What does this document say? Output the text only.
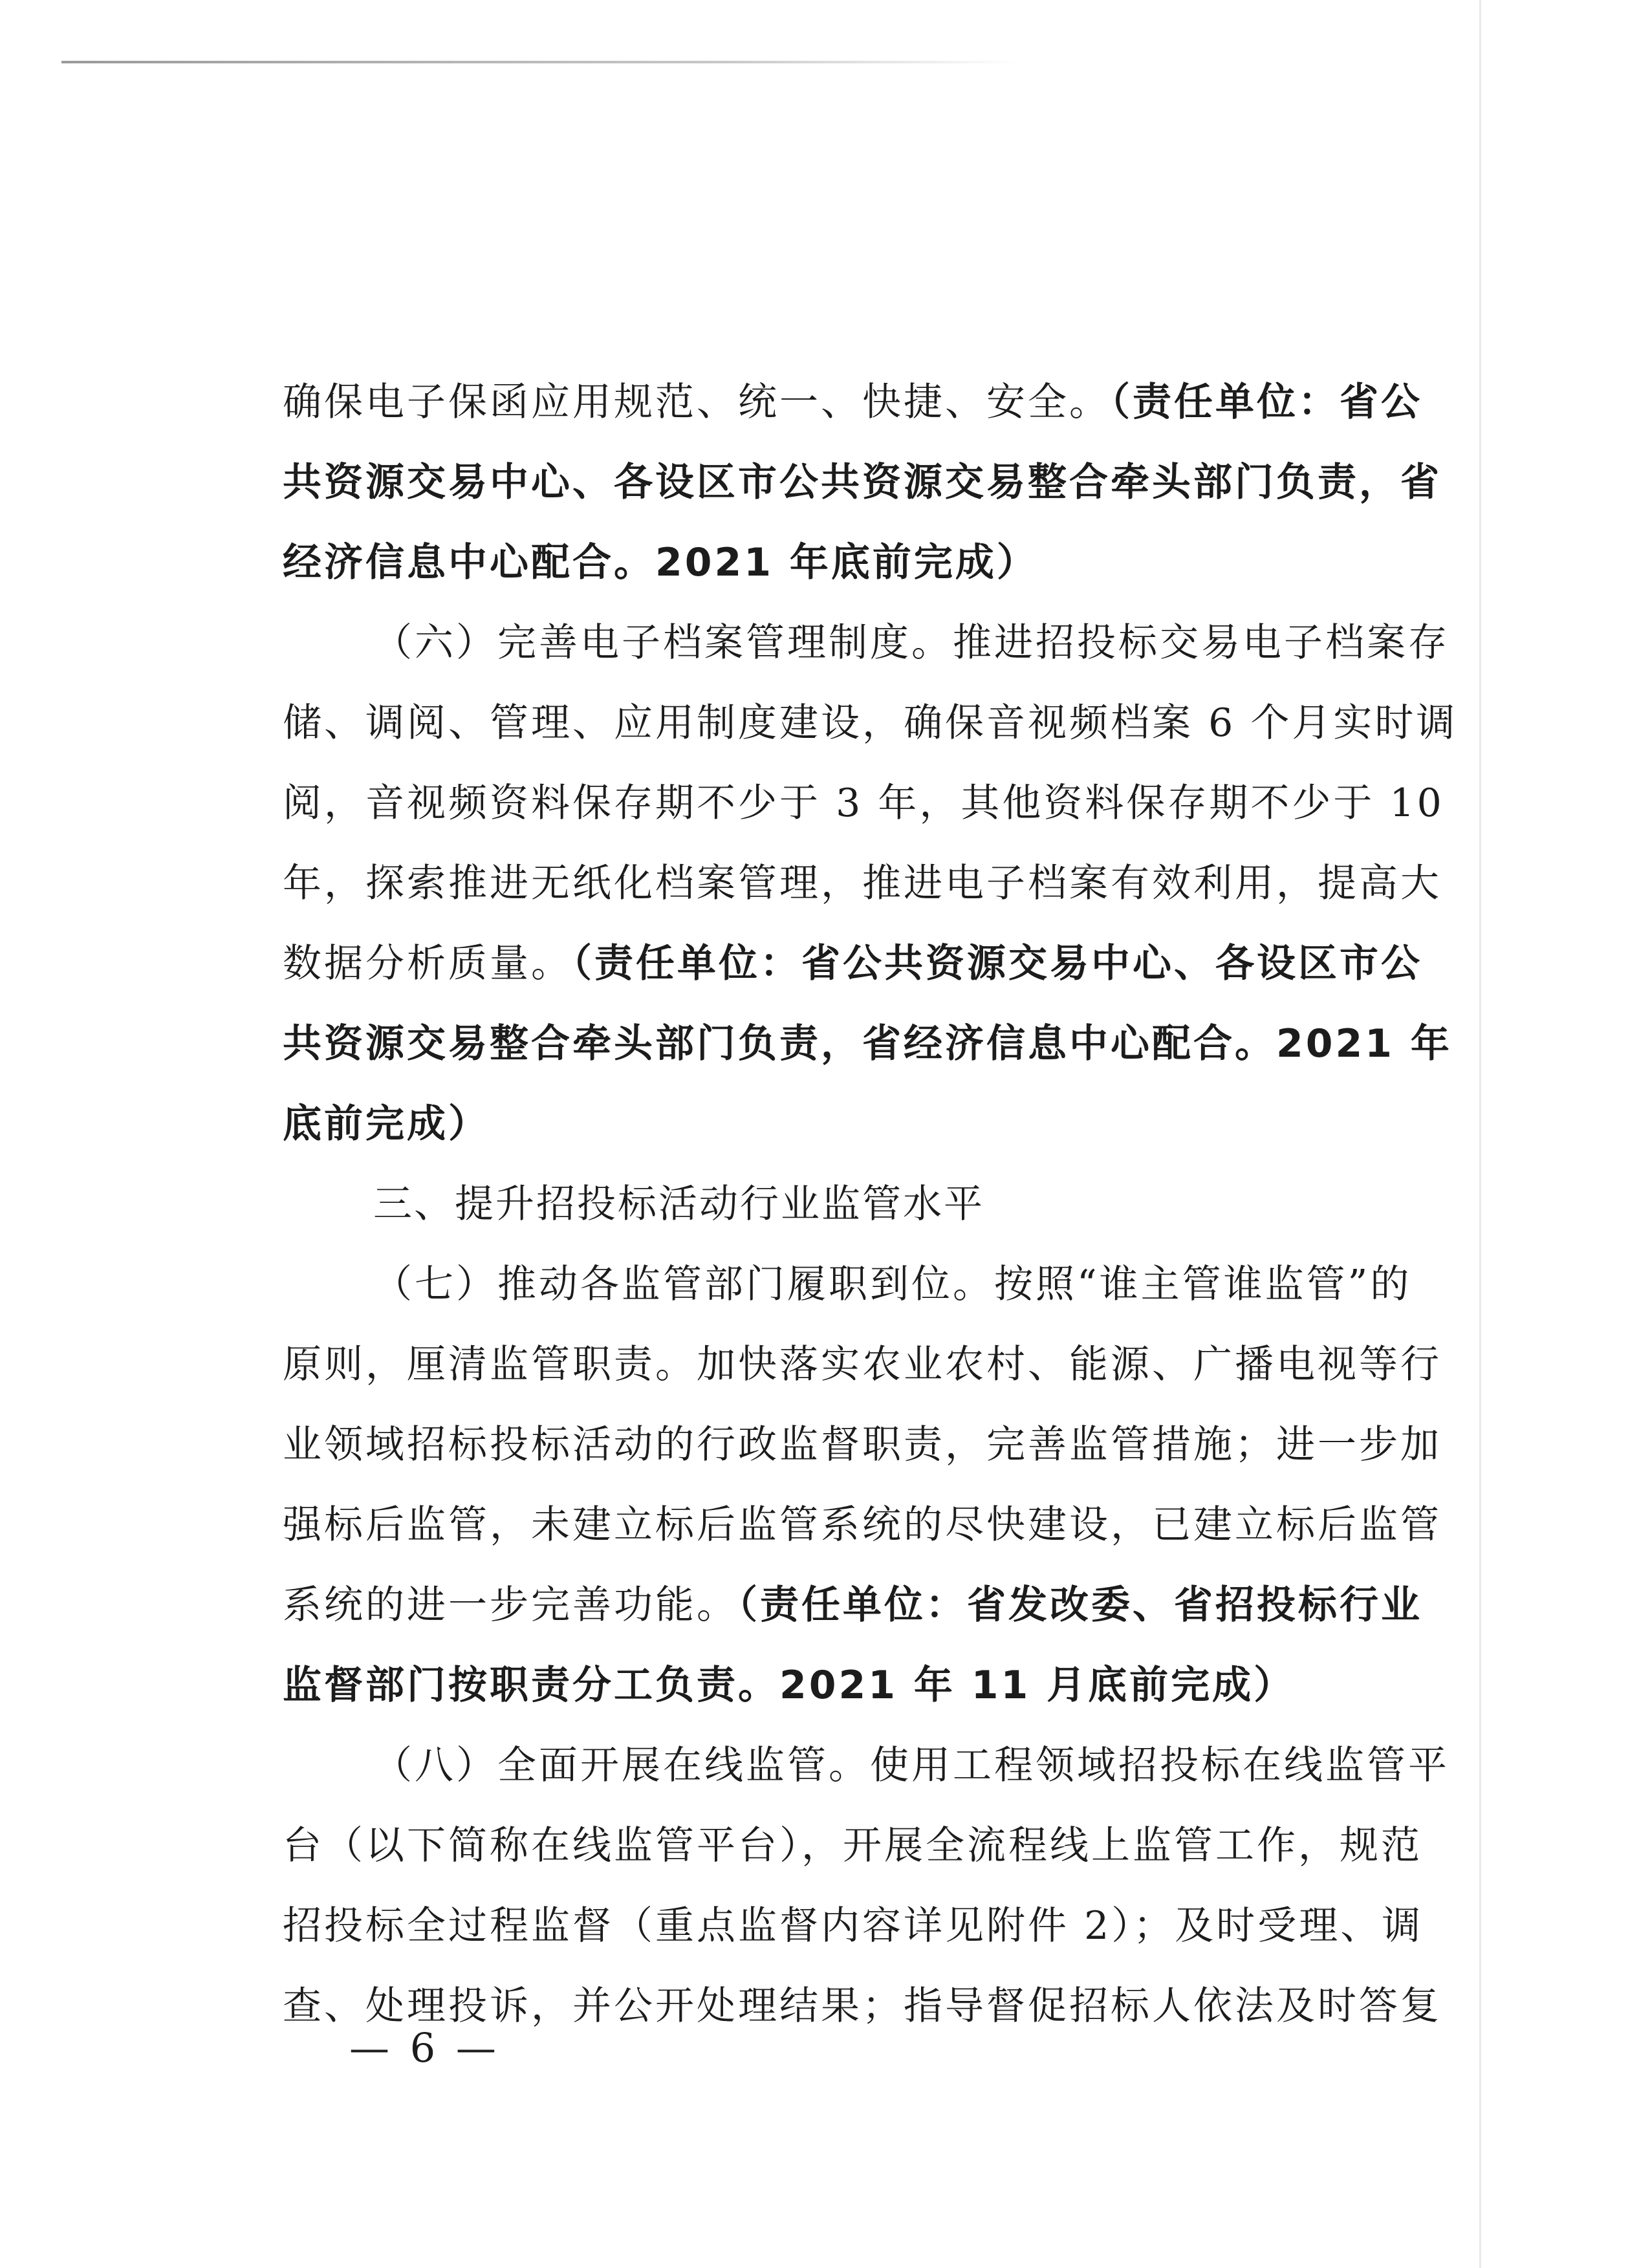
确保电子保函应用规范、统一、快捷、安全。（责任单位：省公
共资源交易中心、各设区市公共资源交易整合牵头部门负责，省
经济信息中心配合。2021 年底前完成）
（六）完善电子档案管理制度。推进招投标交易电子档案存
储、调阅、管理、应用制度建设，确保音视频档案 6 个月实时调
阅，音视频资料保存期不少于 3 年，其他资料保存期不少于 10
年，探索推进无纸化档案管理，推进电子档案有效利用，提高大
数据分析质量。（责任单位：省公共资源交易中心、各设区市公
共资源交易整合牵头部门负责，省经济信息中心配合。2021 年
底前完成）
三、提升招投标活动行业监管水平
（七）推动各监管部门履职到位。按照“谁主管谁监管”的
原则，厘清监管职责。加快落实农业农村、能源、广播电视等行
业领域招标投标活动的行政监督职责，完善监管措施；进一步加
强标后监管，未建立标后监管系统的尽快建设，已建立标后监管
系统的进一步完善功能。（责任单位：省发改委、省招投标行业
监督部门按职责分工负责。2021 年 11 月底前完成）
（八）全面开展在线监管。使用工程领域招投标在线监管平
台（以下简称在线监管平台），开展全流程线上监管工作，规范
招投标全过程监督（重点监督内容详见附件 2）；及时受理、调
查、处理投诉，并公开处理结果；指导督促招标人依法及时答复
— 6 —
